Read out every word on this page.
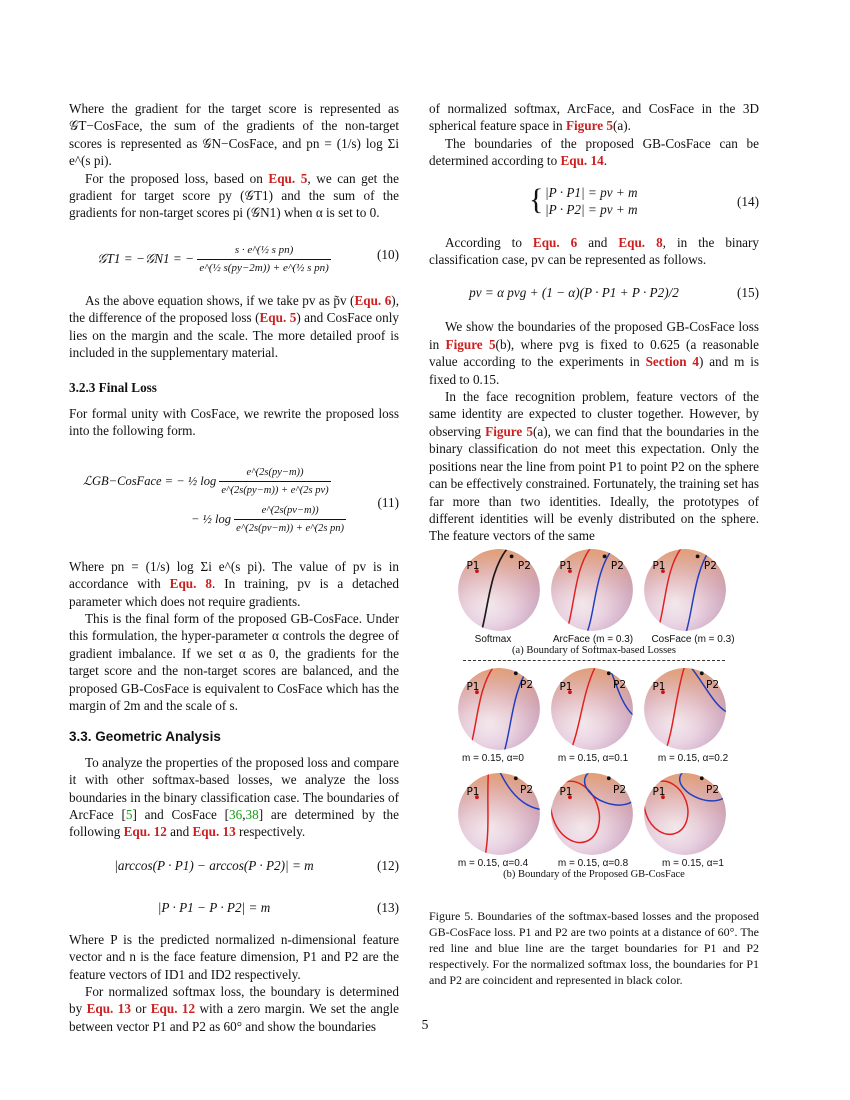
Where the gradient for the target score is represented as 𝒢T−CosFace, the sum of the gradients of the non-target scores is represented as 𝒢N−CosFace, and pn = (1/s) log Σi e^(s pi).

For the proposed loss, based on Equ. 5, we can get the gradient for target score py (𝒢T1) and the sum of the gradients for non-target scores pi (𝒢N1) when α is set to 0.

𝒢T1 = −𝒢N1 = − $\frac{\text{s · e\textasciicircum{}(½ s pn)}}{\text{e\textasciicircum{}(½ s(py−2m)) + e\textasciicircum{}(½ s pn)}}$	(10)

As the above equation shows, if we take pv as p̃v (Equ. 6), the difference of the proposed loss (Equ. 5) and CosFace only lies on the margin and the scale. The more detailed proof is included in the supplementary material.

3.2.3 Final Loss

For formal unity with CosFace, we rewrite the proposed loss into the following form.

ℒGB−CosFace = − ½ $\log \frac{e\^{}(2s(py-m))}{\text{e\textasciicircum{}(2s(py−m)) + e\textasciicircum{}(2s pv)}}$
− ½ $\log \frac{e\^{}(2s(pv-m))}{\text{e\textasciicircum{}(2s(pv−m)) + e\textasciicircum{}(2s pn)}} (11)$

Where pn = (1/s) log Σi e^(s pi). The value of pv is in accordance with Equ. 8. In training, pv is a detached parameter which does not require gradients.

This is the final form of the proposed GB-CosFace. Under this formulation, the hyper-parameter α controls the degree of gradient imbalance. If we set α as 0, the gradients for the target score and the non-target scores are balanced, and the proposed GB-CosFace is equivalent to CosFace which has the margin of 2m and the scale of s.

3.3. Geometric Analysis

To analyze the properties of the proposed loss and compare it with other softmax-based losses, we analyze the loss boundaries in the binary classification case. The boundaries of ArcFace [5] and CosFace [36,38] are determined by the following Equ. 12 and Equ. 13 respectively.

|arccos(P · P1) − arccos(P · P2)| = m	(12)
|P · P1 − P · P2| = m	(13)

Where P is the predicted normalized n-dimensional feature vector and n is the face feature dimension, P1 and P2 are the feature vectors of ID1 and ID2 respectively.

For normalized softmax loss, the boundary is determined by Equ. 13 or Equ. 12 with a zero margin. We set the angle between vector P1 and P2 as 60° and show the boundaries

of normalized softmax, ArcFace, and CosFace in the 3D spherical feature space in Figure 5(a).

The boundaries of the proposed GB-CosFace can be determined according to Equ. 14.

{ |P · P1| = pv + m
|P · P2| = pv + m
(14)

According to Equ. 6 and Equ. 8, in the binary classification case, pv can be represented as follows.

pv = α pvg + (1 − α)(P · P1 + P · P2)/2	(15)

We show the boundaries of the proposed GB-CosFace loss in Figure 5(b), where pvg is fixed to 0.625 (a reasonable value according to the experiments in Section 4) and m is fixed to 0.15.

In the face recognition problem, feature vectors of the same identity are expected to cluster together. However, by observing Figure 5(a), we can find that the boundaries in the binary classification do not meet this expectation. Only the positions near the line from point P1 to point P2 on the sphere can be effectively constrained. Fortunately, the training set has far more than two identities. Ideally, the prototypes of different identities will be evenly distributed on the sphere. The feature vectors of the same

P1	P2	P1	P2	P1	P2
Softmax	ArcFace (m = 0.3)	CosFace (m = 0.3)
(a) Boundary of Softmax-based Losses
P1	P2	P1	P2	P1	P2
m = 0.15, α=0	m = 0.15, α=0.1	m = 0.15, α=0.2
P1	P2	P1	P2	P1	P2
m = 0.15, α=0.4	m = 0.15, α=0.8	m = 0.15, α=1
(b) Boundary of the Proposed GB-CosFace
Figure 5. Boundaries of the softmax-based losses and the proposed GB-CosFace loss. P1 and P2 are two points at a distance of 60°. The red line and blue line are the target boundaries for P1 and P2 respectively. For the normalized softmax loss, the boundaries for P1 and P2 are coincident and represented in black color.
5
